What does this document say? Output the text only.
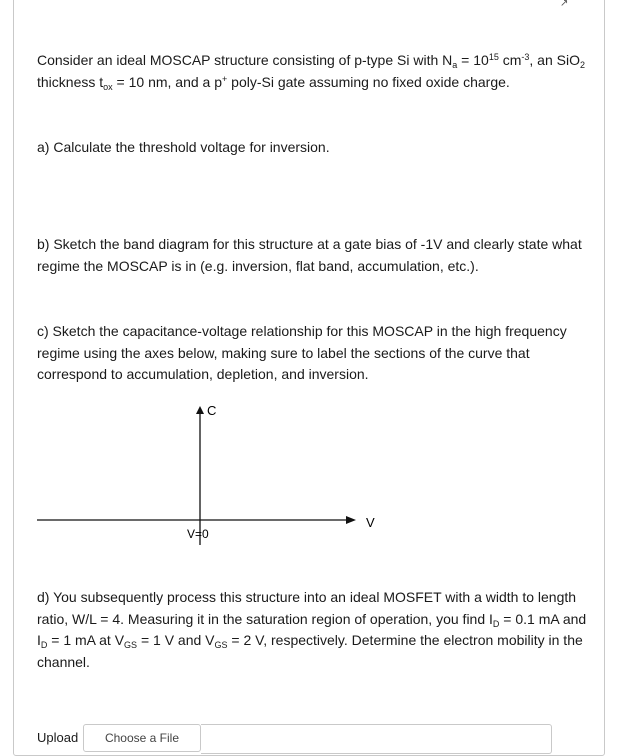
↗

Consider an ideal MOSCAP structure consisting of p-type Si with $N_a = 10^{15}$ $cm^{-3}$, an SiO$_2$ thickness $t_{ox} = 10$ nm, and a p+ poly-Si gate assuming no fixed oxide charge.

a) Calculate the threshold voltage for inversion.

b) Sketch the band diagram for this structure at a gate bias of -1V and clearly state what regime the MOSCAP is in (e.g. inversion, flat band, accumulation, etc.).

c) Sketch the capacitance-voltage relationship for this MOSCAP in the high frequency regime using the axes below, making sure to label the sections of the curve that correspond to accumulation, depletion, and inversion.

C
V
V=0

d) You subsequently process this structure into an ideal MOSFET with a width to length ratio, W/L = 4. Measuring it in the saturation region of operation, you find $I_D = 0.1$ mA and $I_D = 1$ mA at $V_{GS} = 1$ V and $V_{GS} = 2$ V, respectively. Determine the electron mobility in the channel.

Upload	Choose a File
